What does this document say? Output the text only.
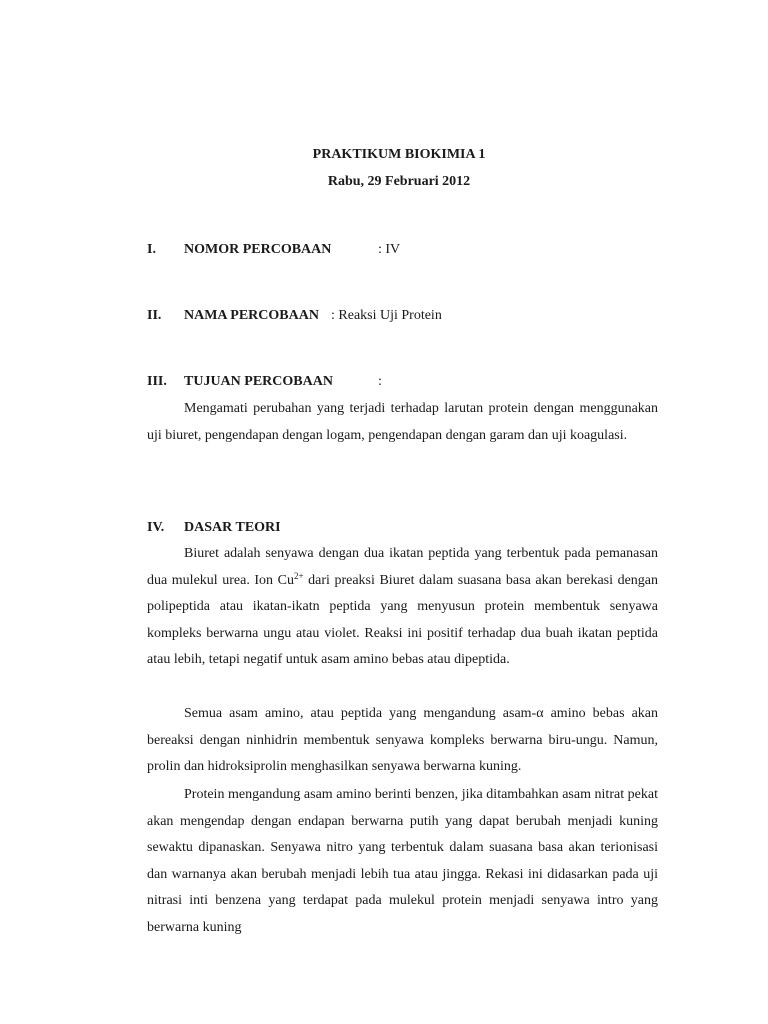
PRAKTIKUM BIOKIMIA 1
Rabu, 29 Februari 2012
I. NOMOR PERCOBAAN	: IV
II. NAMA PERCOBAAN : Reaksi Uji Protein
III. TUJUAN PERCOBAAN	:

Mengamati perubahan yang terjadi terhadap larutan protein dengan menggunakan uji biuret, pengendapan dengan logam, pengendapan dengan garam dan uji koagulasi.

IV. DASAR TEORI

Biuret adalah senyawa dengan dua ikatan peptida yang terbentuk pada pemanasan dua mulekul urea. Ion $Cu^{2+}$ dari preaksi Biuret dalam suasana basa akan berekasi dengan polipeptida atau ikatan-ikatn peptida yang menyusun protein membentuk senyawa kompleks berwarna ungu atau violet. Reaksi ini positif terhadap dua buah ikatan peptida atau lebih, tetapi negatif untuk asam amino bebas atau dipeptida.

Semua asam amino, atau peptida yang mengandung asam-α amino bebas akan bereaksi dengan ninhidrin membentuk senyawa kompleks berwarna biru-ungu. Namun, prolin dan hidroksiprolin menghasilkan senyawa berwarna kuning.

Protein mengandung asam amino berinti benzen, jika ditambahkan asam nitrat pekat akan mengendap dengan endapan berwarna putih yang dapat berubah menjadi kuning sewaktu dipanaskan. Senyawa nitro yang terbentuk dalam suasana basa akan terionisasi dan warnanya akan berubah menjadi lebih tua atau jingga. Rekasi ini didasarkan pada uji nitrasi inti benzena yang terdapat pada mulekul protein menjadi senyawa intro yang berwarna kuning
